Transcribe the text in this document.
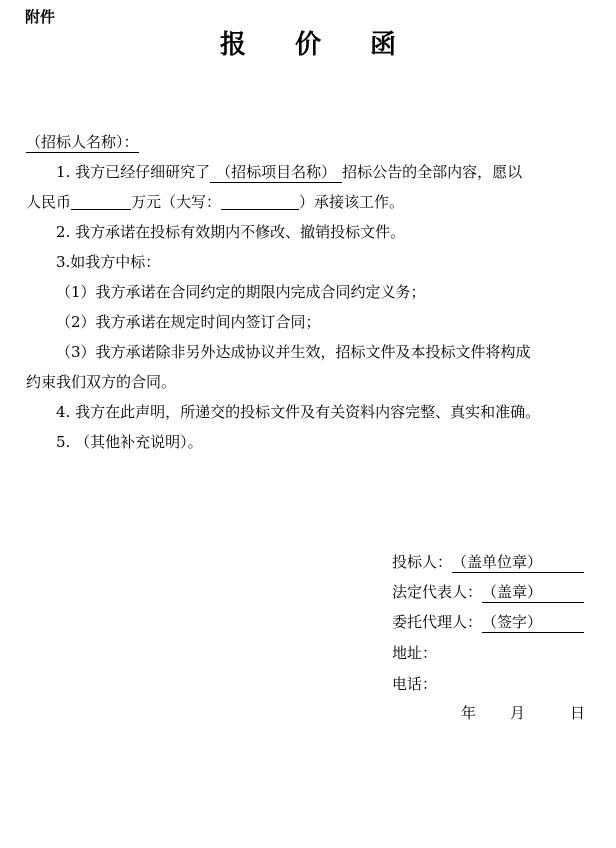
附件
报 价 函
（招标人名称）：
1. 我方已经仔细研究了 （招标项目名称） 招标公告的全部内容，愿以
人民币	万元（大写：	）承接该工作。
2. 我方承诺在投标有效期内不修改、撤销投标文件。
3.如我方中标：
（1）我方承诺在合同约定的期限内完成合同约定义务；
（2）我方承诺在规定时间内签订合同；
（3）我方承诺除非另外达成协议并生效，招标文件及本投标文件将构成
约束我们双方的合同。
4. 我方在此声明，所递交的投标文件及有关资料内容完整、真实和准确。
5. （其他补充说明）。
投标人：（盖单位章）
法定代表人：（盖章）
委托代理人：（签字）
地址：
电话：
年 月	日
